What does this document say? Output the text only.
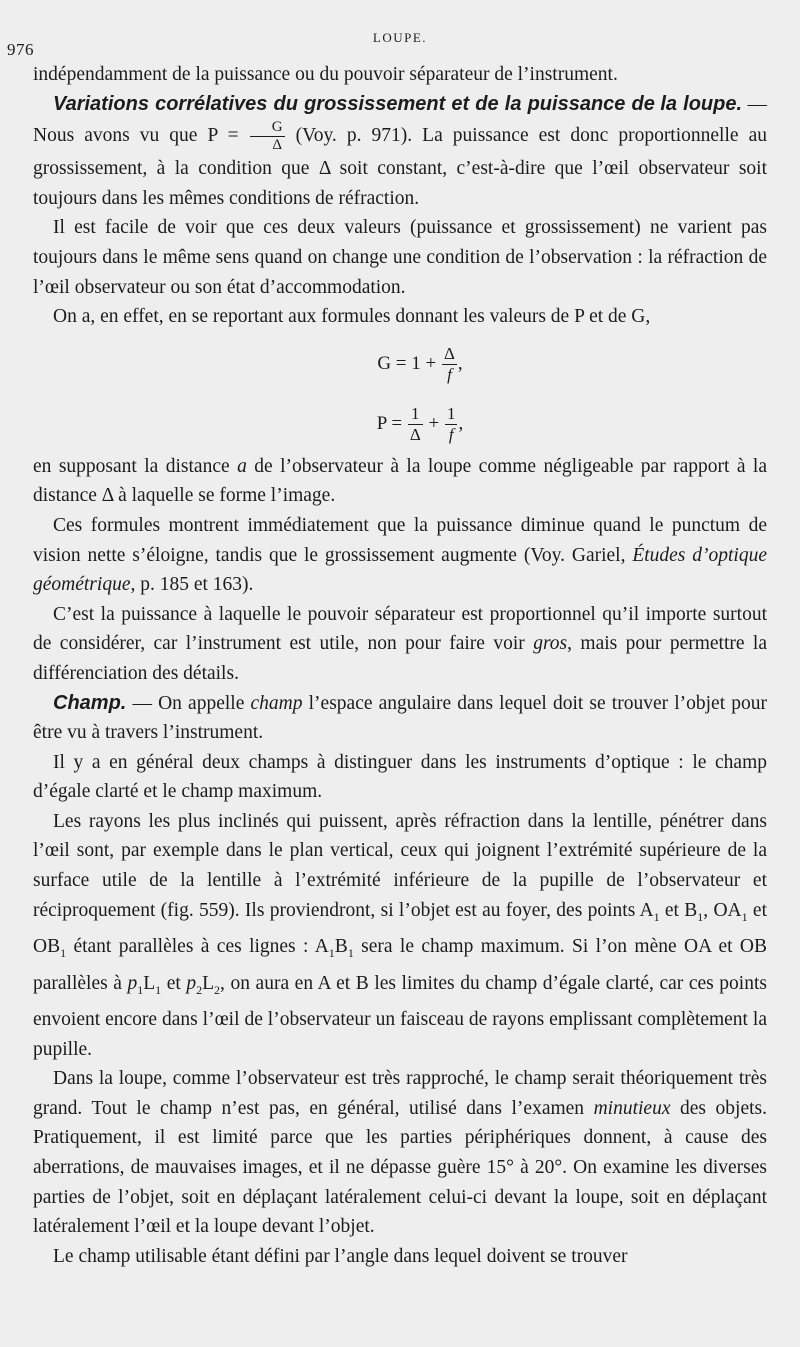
976
LOUPE.

indépendamment de la puissance ou du pouvoir séparateur de l’instrument.

Variations corrélatives du grossissement et de la puissance de la loupe. — Nous avons vu que $P = \frac{G}{\Delta} (Voy$. p. 971). La puissance est donc proportionnelle au grossissement, à la condition que Δ soit constant, c’est-à-dire que l’œil observateur soit toujours dans les mêmes conditions de réfraction.

Il est facile de voir que ces deux valeurs (puissance et grossissement) ne varient pas toujours dans le même sens quand on change une condition de l’observation : la réfraction de l’œil observateur ou son état d’accommodation.

On a, en effet, en se reportant aux formules donnant les valeurs de P et de G,

$G = 1 + \frac{\Delta}{f}$ ,
$P = \frac{1}{\Delta} + \frac{1}{f}$ ,

en supposant la distance a de l’observateur à la loupe comme négligeable par rapport à la distance Δ à laquelle se forme l’image.

Ces formules montrent immédiatement que la puissance diminue quand le punctum de vision nette s’éloigne, tandis que le grossissement augmente (Voy. Gariel, Études d’optique géométrique, p. 185 et 163).

C’est la puissance à laquelle le pouvoir séparateur est proportionnel qu’il importe surtout de considérer, car l’instrument est utile, non pour faire voir gros, mais pour permettre la différenciation des détails.

Champ. — On appelle champ l’espace angulaire dans lequel doit se trouver l’objet pour être vu à travers l’instrument.

Il y a en général deux champs à distinguer dans les instruments d’optique : le champ d’égale clarté et le champ maximum.

Les rayons les plus inclinés qui puissent, après réfraction dans la lentille, pénétrer dans l’œil sont, par exemple dans le plan vertical, ceux qui joignent l’extrémité supérieure de la surface utile de la lentille à l’extrémité inférieure de la pupille de l’observateur et réciproquement (fig. 559). Ils proviendront, si l’objet est au foyer, des points $A_1$ et $B_1$, $OA_1$ et $OB_1$ étant parallèles à ces lignes : $A_1B_1$ sera le champ maximum. Si l’on mène OA et OB parallèles à $p_1L_1$ et $p_2L_2$, on aura en A et B les limites du champ d’égale clarté, car ces points envoient encore dans l’œil de l’observateur un faisceau de rayons emplissant complètement la pupille.

Dans la loupe, comme l’observateur est très rapproché, le champ serait théoriquement très grand. Tout le champ n’est pas, en général, utilisé dans l’examen minutieux des objets. Pratiquement, il est limité parce que les parties périphériques donnent, à cause des aberrations, de mauvaises images, et il ne dépasse guère 15° à 20°. On examine les diverses parties de l’objet, soit en déplaçant latéralement celui-ci devant la loupe, soit en déplaçant latéralement l’œil et la loupe devant l’objet.

Le champ utilisable étant défini par l’angle dans lequel doivent se trouver
